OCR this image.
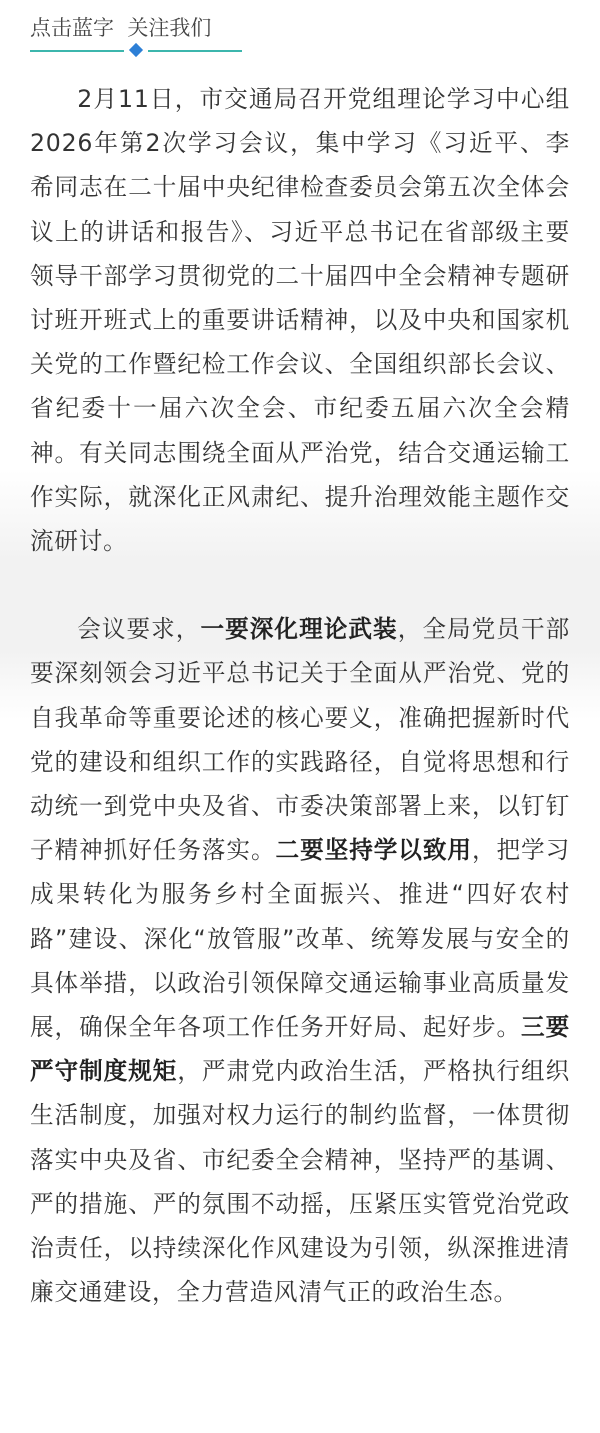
点击蓝字  关注我们

2月11日，市交通局召开党组理论学习中心组2026年第2次学习会议，集中学习《习近平、李希同志在二十届中央纪律检查委员会第五次全体会议上的讲话和报告》、习近平总书记在省部级主要领导干部学习贯彻党的二十届四中全会精神专题研讨班开班式上的重要讲话精神，以及中央和国家机关党的工作暨纪检工作会议、全国组织部长会议、省纪委十一届六次全会、市纪委五届六次全会精神。有关同志围绕全面从严治党，结合交通运输工作实际，就深化正风肃纪、提升治理效能主题作交流研讨。

会议要求，一要深化理论武装，全局党员干部要深刻领会习近平总书记关于全面从严治党、党的自我革命等重要论述的核心要义，准确把握新时代党的建设和组织工作的实践路径，自觉将思想和行动统一到党中央及省、市委决策部署上来，以钉钉子精神抓好任务落实。二要坚持学以致用，把学习成果转化为服务乡村全面振兴、推进“四好农村路”建设、深化“放管服”改革、统筹发展与安全的具体举措，以政治引领保障交通运输事业高质量发展，确保全年各项工作任务开好局、起好步。三要严守制度规矩，严肃党内政治生活，严格执行组织生活制度，加强对权力运行的制约监督，一体贯彻落实中央及省、市纪委全会精神，坚持严的基调、严的措施、严的氛围不动摇，压紧压实管党治党政治责任，以持续深化作风建设为引领，纵深推进清廉交通建设，全力营造风清气正的政治生态。
